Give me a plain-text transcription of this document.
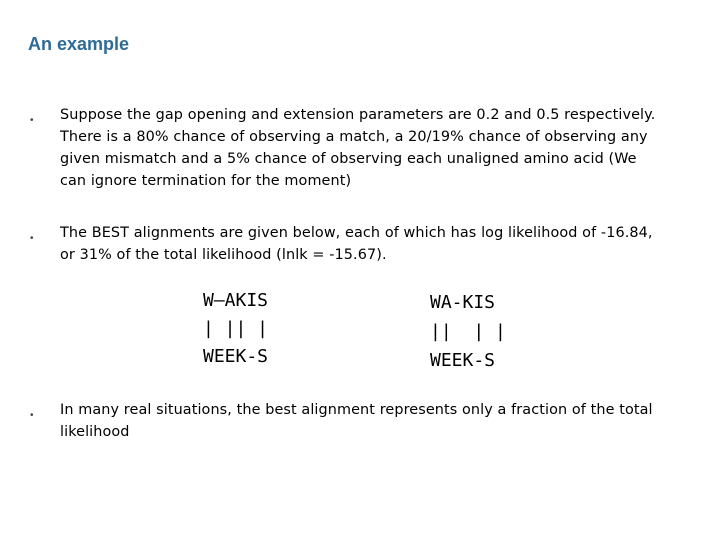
An example
• Suppose the gap opening and extension parameters are 0.2 and 0.5 respectively. There is a 80% chance of observing a match, a 20/19% chance of observing any given mismatch and a 5% chance of observing each unaligned amino acid (We can ignore termination for the moment)

• The BEST alignments are given below, each of which has log likelihood of -16.84, or 31% of the total likelihood (lnlk = -15.67).

W—AKIS

| || |

WEEK-S

WA-KIS

||  | |

WEEK-S

• In many real situations, the best alignment represents only a fraction of the total likelihood
